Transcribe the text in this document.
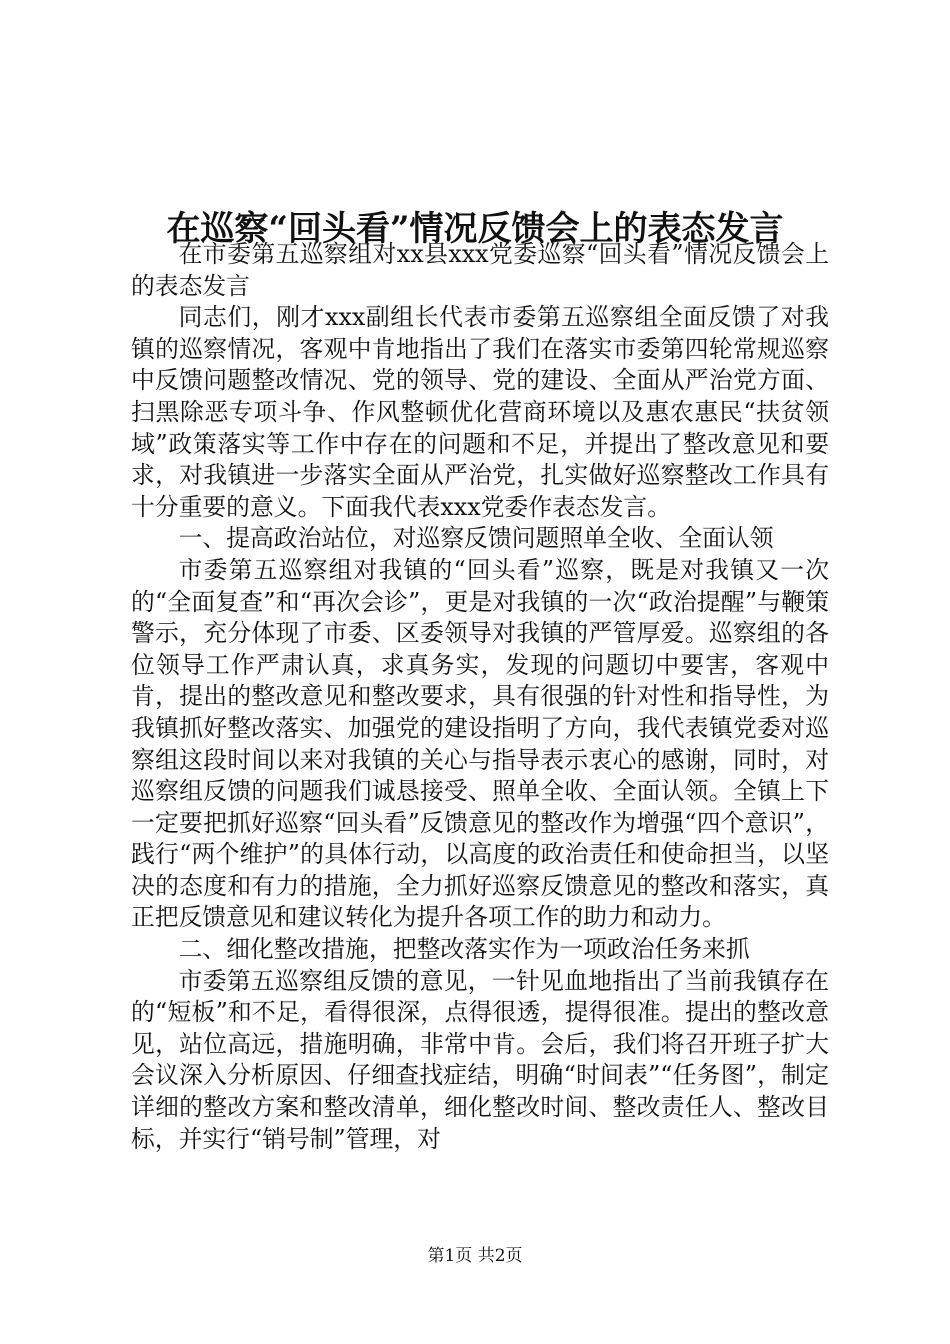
在巡察“回头看”情况反馈会上的表态发言

在市委第五巡察组对xx县xxx党委巡察“回头看”情况反馈会上的表态发言

同志们，刚才xxx副组长代表市委第五巡察组全面反馈了对我镇的巡察情况，客观中肯地指出了我们在落实市委第四轮常规巡察中反馈问题整改情况、党的领导、党的建设、全面从严治党方面、扫黑除恶专项斗争、作风整顿优化营商环境以及惠农惠民“扶贫领域”政策落实等工作中存在的问题和不足，并提出了整改意见和要求，对我镇进一步落实全面从严治党，扎实做好巡察整改工作具有十分重要的意义。下面我代表xxx党委作表态发言。

一、提高政治站位，对巡察反馈问题照单全收、全面认领

市委第五巡察组对我镇的“回头看”巡察，既是对我镇又一次的“全面复查”和“再次会诊”，更是对我镇的一次“政治提醒”与鞭策警示，充分体现了市委、区委领导对我镇的严管厚爱。巡察组的各位领导工作严肃认真，求真务实，发现的问题切中要害，客观中肯，提出的整改意见和整改要求，具有很强的针对性和指导性，为我镇抓好整改落实、加强党的建设指明了方向，我代表镇党委对巡察组这段时间以来对我镇的关心与指导表示衷心的感谢，同时，对巡察组反馈的问题我们诚恳接受、照单全收、全面认领。全镇上下一定要把抓好巡察“回头看”反馈意见的整改作为增强“四个意识”，践行“两个维护”的具体行动，以高度的政治责任和使命担当，以坚决的态度和有力的措施，全力抓好巡察反馈意见的整改和落实，真正把反馈意见和建议转化为提升各项工作的助力和动力。

二、细化整改措施，把整改落实作为一项政治任务来抓

市委第五巡察组反馈的意见，一针见血地指出了当前我镇存在的“短板”和不足，看得很深，点得很透，提得很准。提出的整改意见，站位高远，措施明确，非常中肯。会后，我们将召开班子扩大会议深入分析原因、仔细查找症结，明确“时间表”“任务图”，制定详细的整改方案和整改清单，细化整改时间、整改责任人、整改目标，并实行“销号制”管理，对

第1页 共2页
